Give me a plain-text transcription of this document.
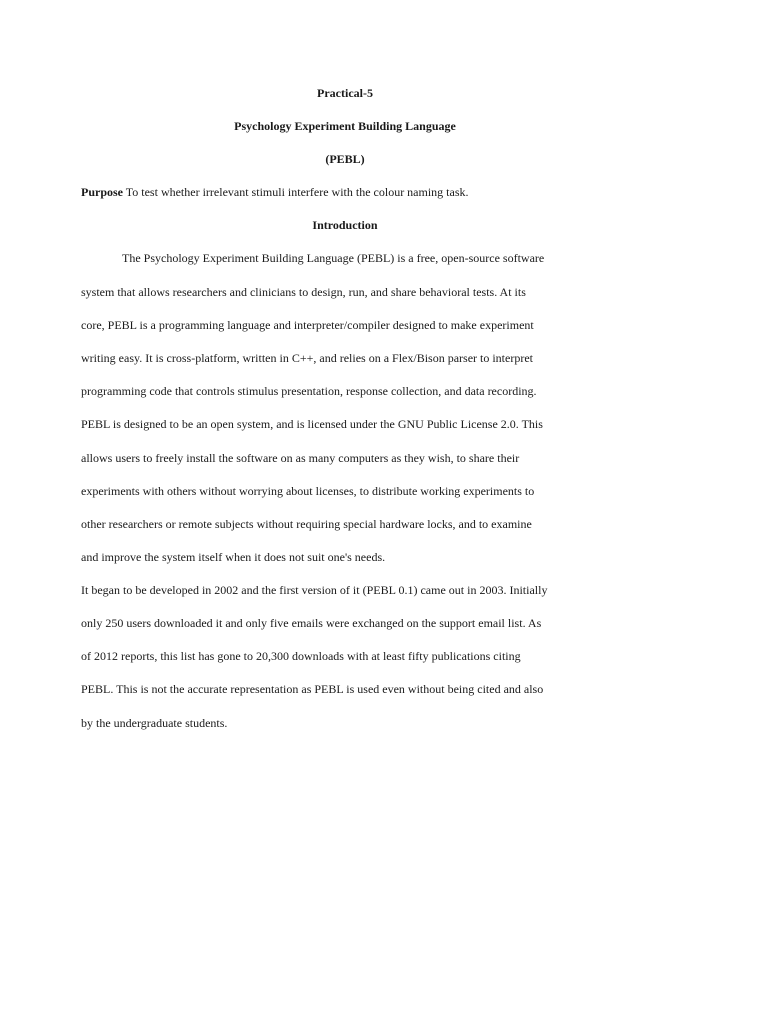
Practical-5

Psychology Experiment Building Language

(PEBL)

Purpose To test whether irrelevant stimuli interfere with the colour naming task.

Introduction

The Psychology Experiment Building Language (PEBL) is a free, open-source software

system that allows researchers and clinicians to design, run, and share behavioral tests. At its

core, PEBL is a programming language and interpreter/compiler designed to make experiment

writing easy. It is cross-platform, written in C++, and relies on a Flex/Bison parser to interpret

programming code that controls stimulus presentation, response collection, and data recording.

PEBL is designed to be an open system, and is licensed under the GNU Public License 2.0. This

allows users to freely install the software on as many computers as they wish, to share their

experiments with others without worrying about licenses, to distribute working experiments to

other researchers or remote subjects without requiring special hardware locks, and to examine

and improve the system itself when it does not suit one's needs.

It began to be developed in 2002 and the first version of it (PEBL 0.1) came out in 2003. Initially

only 250 users downloaded it and only five emails were exchanged on the support email list. As

of 2012 reports, this list has gone to 20,300 downloads with at least fifty publications citing

PEBL. This is not the accurate representation as PEBL is used even without being cited and also

by the undergraduate students.
